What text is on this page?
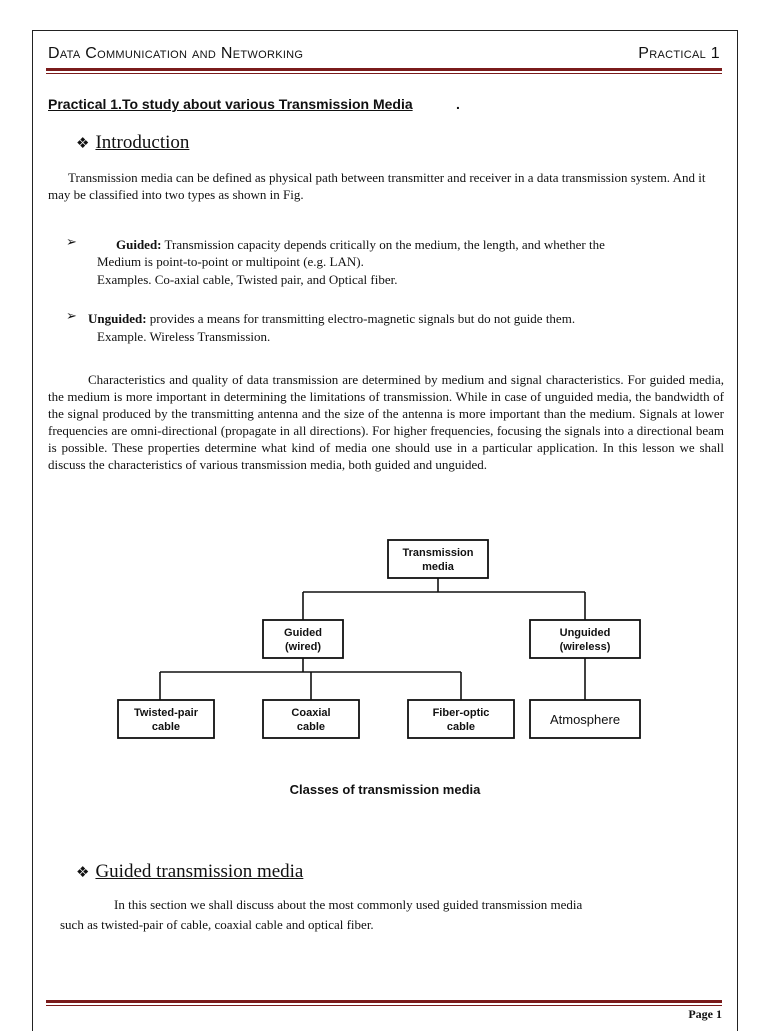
Data Communication and Networking	Practical 1
Practical 1.To study about various Transmission Media	.
❖ Introduction
Transmission media can be defined as physical path between transmitter and receiver in a data transmission system. And it may be classified into two types as shown in Fig.
➢	Guided: Transmission capacity depends critically on the medium, the length, and whether the
Medium is point-to-point or multipoint (e.g. LAN).
Examples. Co-axial cable, Twisted pair, and Optical fiber.
➢ Unguided: provides a means for transmitting electro-magnetic signals but do not guide them.
Example. Wireless Transmission.
Characteristics and quality of data transmission are determined by medium and signal characteristics. For guided media, the medium is more important in determining the limitations of transmission. While in case of unguided media, the bandwidth of the signal produced by the transmitting antenna and the size of the antenna is more important than the medium. Signals at lower frequencies are omni-directional (propagate in all directions). For higher frequencies, focusing the signals into a directional beam is possible. These properties determine what kind of media one should use in a particular application. In this lesson we shall discuss the characteristics of various transmission media, both guided and unguided.
Transmission
media
Guided
(wired)
Unguided
(wireless)
Twisted-pair
cable
Coaxial
cable
Fiber-optic
cable	Atmosphere
Classes of transmission media
❖ Guided transmission media
In this section we shall discuss about the most commonly used guided transmission media
such as twisted-pair of cable, coaxial cable and optical fiber.
Page 1
